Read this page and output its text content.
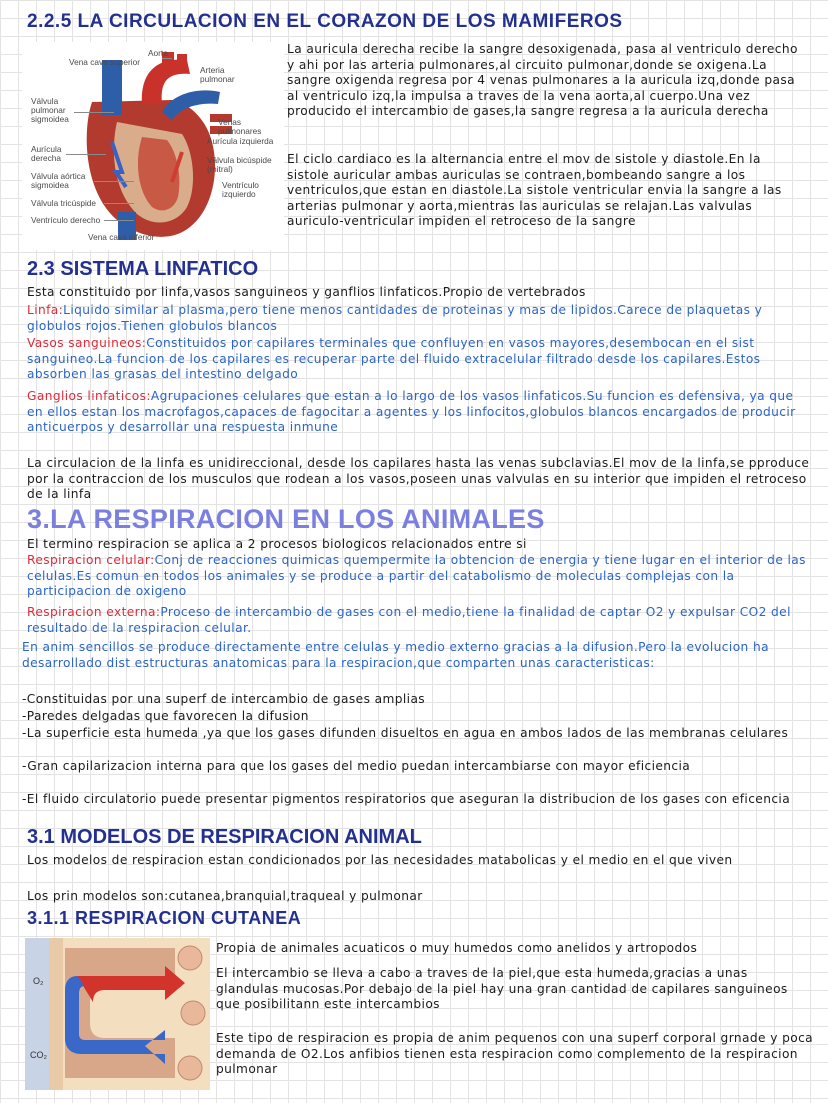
2.2.5 LA CIRCULACION EN EL CORAZON DE LOS MAMIFEROS
Aorta
Vena cava superior
Arteria
pulmonar
Válvula
pulmonar
sigmoidea	Venas
pulmonares
Aurícula izquierda
Aurícula
derecha	Válvula bicúspide
(mitral)
Válvula aórtica
sigmoidea	Ventrículo
izquierdo
Válvula tricúspide
Ventrículo derecho
Vena cava inferior
La auricula derecha recibe la sangre desoxigenada, pasa al ventriculo derecho y ahi por las arteria pulmonares,al circuito pulmonar,donde se oxigena.La sangre oxigenda regresa por 4 venas pulmonares a la auricula izq,donde pasa al ventriculo izq,la impulsa a traves de la vena aorta,al cuerpo.Una vez producido el intercambio de gases,la sangre regresa a la auricula derecha
El ciclo cardiaco es la alternancia entre el mov de sistole y diastole.En la sistole auricular ambas auriculas se contraen,bombeando sangre a los ventriculos,que estan en diastole.La sistole ventricular envia la sangre a las arterias pulmonar y aorta,mientras las auriculas se relajan.Las valvulas auriculo-ventricular impiden el retroceso de la sangre
2.3 SISTEMA LINFATICO
Esta constituido por linfa,vasos sanguineos y ganflios linfaticos.Propio de vertebrados
Linfa:Liquido similar al plasma,pero tiene menos cantidades de proteinas y mas de lipidos.Carece de plaquetas y globulos rojos.Tienen globulos blancos
Vasos sanguineos:Constituidos por capilares terminales que confluyen en vasos mayores,desembocan en el sist sanguineo.La funcion de los capilares es recuperar parte del fluido extracelular filtrado desde los capilares.Estos absorben las grasas del intestino delgado
Ganglios linfaticos:Agrupaciones celulares que estan a lo largo de los vasos linfaticos.Su funcion es defensiva, ya que en ellos estan los macrofagos,capaces de fagocitar a agentes y los linfocitos,globulos blancos encargados de producir anticuerpos y desarrollar una respuesta inmune
La circulacion de la linfa es unidireccional, desde los capilares hasta las venas subclavias.El mov de la linfa,se pproduce por la contraccion de los musculos que rodean a los vasos,poseen unas valvulas en su interior que impiden el retroceso de la linfa
3.LA RESPIRACION EN LOS ANIMALES
El termino respiracion se aplica a 2 procesos biologicos relacionados entre si
Respiracion celular:Conj de reacciones quimicas quempermite la obtencion de energia y tiene lugar en el interior de las celulas.Es comun en todos los animales y se produce a partir del catabolismo de moleculas complejas con la participacion de oxigeno
Respiracion externa:Proceso de intercambio de gases con el medio,tiene la finalidad de captar O2 y expulsar CO2 del resultado de la respiracion celular.
En anim sencillos se produce directamente entre celulas y medio externo gracias a la difusion.Pero la evolucion ha desarrollado dist estructuras anatomicas para la respiracion,que comparten unas caracteristicas:
-Constituidas por una superf de intercambio de gases amplias
-Paredes delgadas que favorecen la difusion
-La superficie esta humeda ,ya que los gases difunden disueltos en agua en ambos lados de las membranas celulares
-Gran capilarizacion interna para que los gases del medio puedan intercambiarse con mayor eficiencia
-El fluido circulatorio puede presentar pigmentos respiratorios que aseguran la distribucion de los gases con eficencia
3.1 MODELOS DE RESPIRACION ANIMAL
Los modelos de respiracion estan condicionados por las necesidades matabolicas y el medio en el que viven
Los prin modelos son:cutanea,branquial,traqueal y pulmonar
3.1.1 RESPIRACION CUTANEA
O₂
CO₂
Propia de animales acuaticos o muy humedos como anelidos y artropodos
El intercambio se lleva a cabo a traves de la piel,que esta humeda,gracias a unas glandulas mucosas.Por debajo de la piel hay una gran cantidad de capilares sanguineos que posibilitann este intercambios
Este tipo de respiracion es propia de anim pequenos con una superf corporal grnade y poca demanda de O2.Los anfibios tienen esta respiracion como complemento de la respiracion pulmonar
